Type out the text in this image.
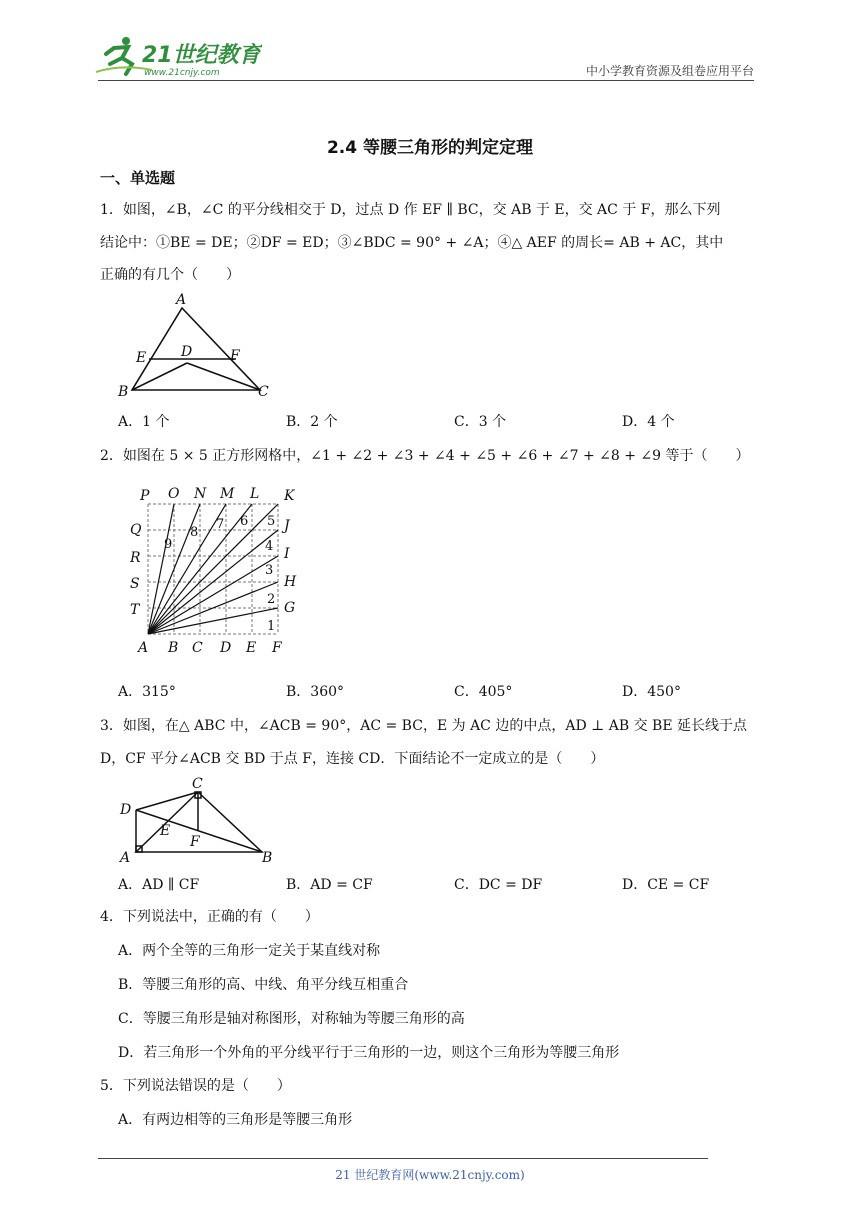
21世纪教育
www.21cnjy.com	中小学教育资源及组卷应用平台
2.4 等腰三角形的判定定理
一、单选题
1．如图，∠B，∠C 的平分线相交于 D，过点 D 作 EF ∥ BC，交 AB 于 E，交 AC 于 F，那么下列
结论中：①BE = DE；②DF = ED；③∠BDC = 90° + ∠A；④△ AEF 的周长= AB + AC，其中
正确的有几个（　　）
A
E D	F
B	C
A．1 个	B．2 个	C．3 个	D．4 个
2．如图在 5 × 5 正方形网格中，∠1 + ∠2 + ∠3 + ∠4 + ∠5 + ∠6 + ∠7 + ∠8 + ∠9 等于（　　）
P O N M L K
Q
R
S
T
J
I
H
G
A B C D E F
1
2
3
4
5
6
7
8
9
A．315°	B．360°	C．405°	D．450°
3．如图，在△ ABC 中，∠ACB = 90°，AC = BC，E 为 AC 边的中点，AD ⊥ AB 交 BE 延长线于点
D，CF 平分∠ACB 交 BD 于点 F，连接 CD．下面结论不一定成立的是（　　）
C
D
E
F
A	B
A．AD ∥ CF	B．AD = CF	C．DC = DF	D．CE = CF
4．下列说法中，正确的有（　　）
A．两个全等的三角形一定关于某直线对称
B．等腰三角形的高、中线、角平分线互相重合
C．等腰三角形是轴对称图形，对称轴为等腰三角形的高
D．若三角形一个外角的平分线平行于三角形的一边，则这个三角形为等腰三角形
5．下列说法错误的是（　　）
A．有两边相等的三角形是等腰三角形
21 世纪教育网(www.21cnjy.com)
